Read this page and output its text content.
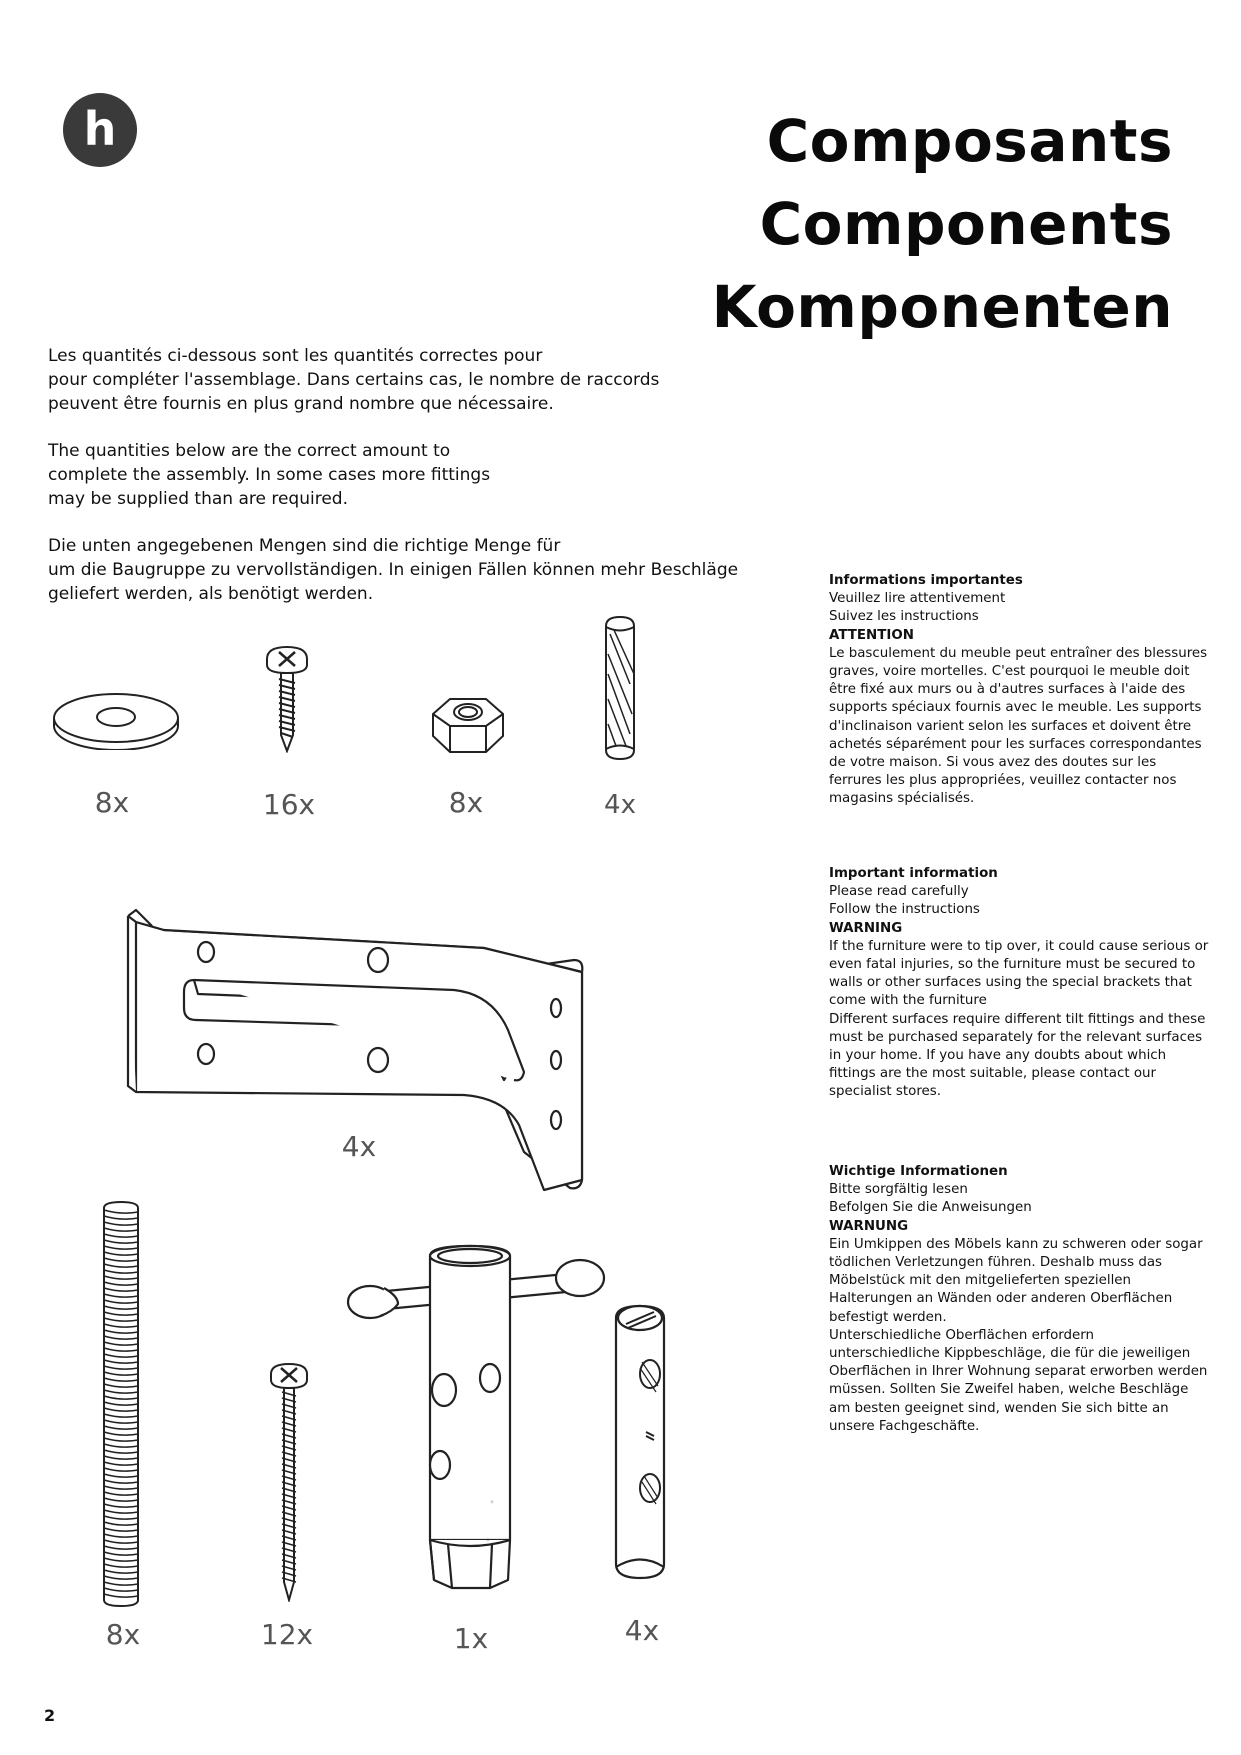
h	Composants
Components
Komponenten

Les quantités ci-dessous sont les quantités correctes pour
pour compléter l'assemblage. Dans certains cas, le nombre de raccords
peuvent être fournis en plus grand nombre que nécessaire.

The quantities below are the correct amount to
complete the assembly. In some cases more fittings
may be supplied than are required.

Die unten angegebenen Mengen sind die richtige Menge für
um die Baugruppe zu vervollständigen. In einigen Fällen können mehr Beschläge
geliefert werden, als benötigt werden.

Informations importantes
Veuillez lire attentivement
Suivez les instructions
ATTENTION
Le basculement du meuble peut entraîner des blessures graves, voire mortelles. C'est pourquoi le meuble doit être fixé aux murs ou à d'autres surfaces à l'aide des supports spéciaux fournis avec le meuble. Les supports d'inclinaison varient selon les surfaces et doivent être achetés séparément pour les surfaces correspondantes de votre maison. Si vous avez des doutes sur les ferrures les plus appropriées, veuillez contacter nos magasins spécialisés.
Important information
Please read carefully
Follow the instructions
WARNING
If the furniture were to tip over, it could cause serious or even fatal injuries, so the furniture must be secured to walls or other surfaces using the special brackets that come with the furniture
Different surfaces require different tilt fittings and these must be purchased separately for the relevant surfaces in your home. If you have any doubts about which fittings are the most suitable, please contact our specialist stores.
Wichtige Informationen
Bitte sorgfältig lesen
Befolgen Sie die Anweisungen
WARNUNG
Ein Umkippen des Möbels kann zu schweren oder sogar tödlichen Verletzungen führen. Deshalb muss das Möbelstück mit den mitgelieferten speziellen Halterungen an Wänden oder anderen Oberflächen befestigt werden.
Unterschiedliche Oberflächen erfordern unterschiedliche Kippbeschläge, die für die jeweiligen Oberflächen in Ihrer Wohnung separat erworben werden müssen. Sollten Sie Zweifel haben, welche Beschläge am besten geeignet sind, wenden Sie sich bitte an unsere Fachgeschäfte.
8x	16x	8x	4x
4x
8x	12x	1x	4x
2
